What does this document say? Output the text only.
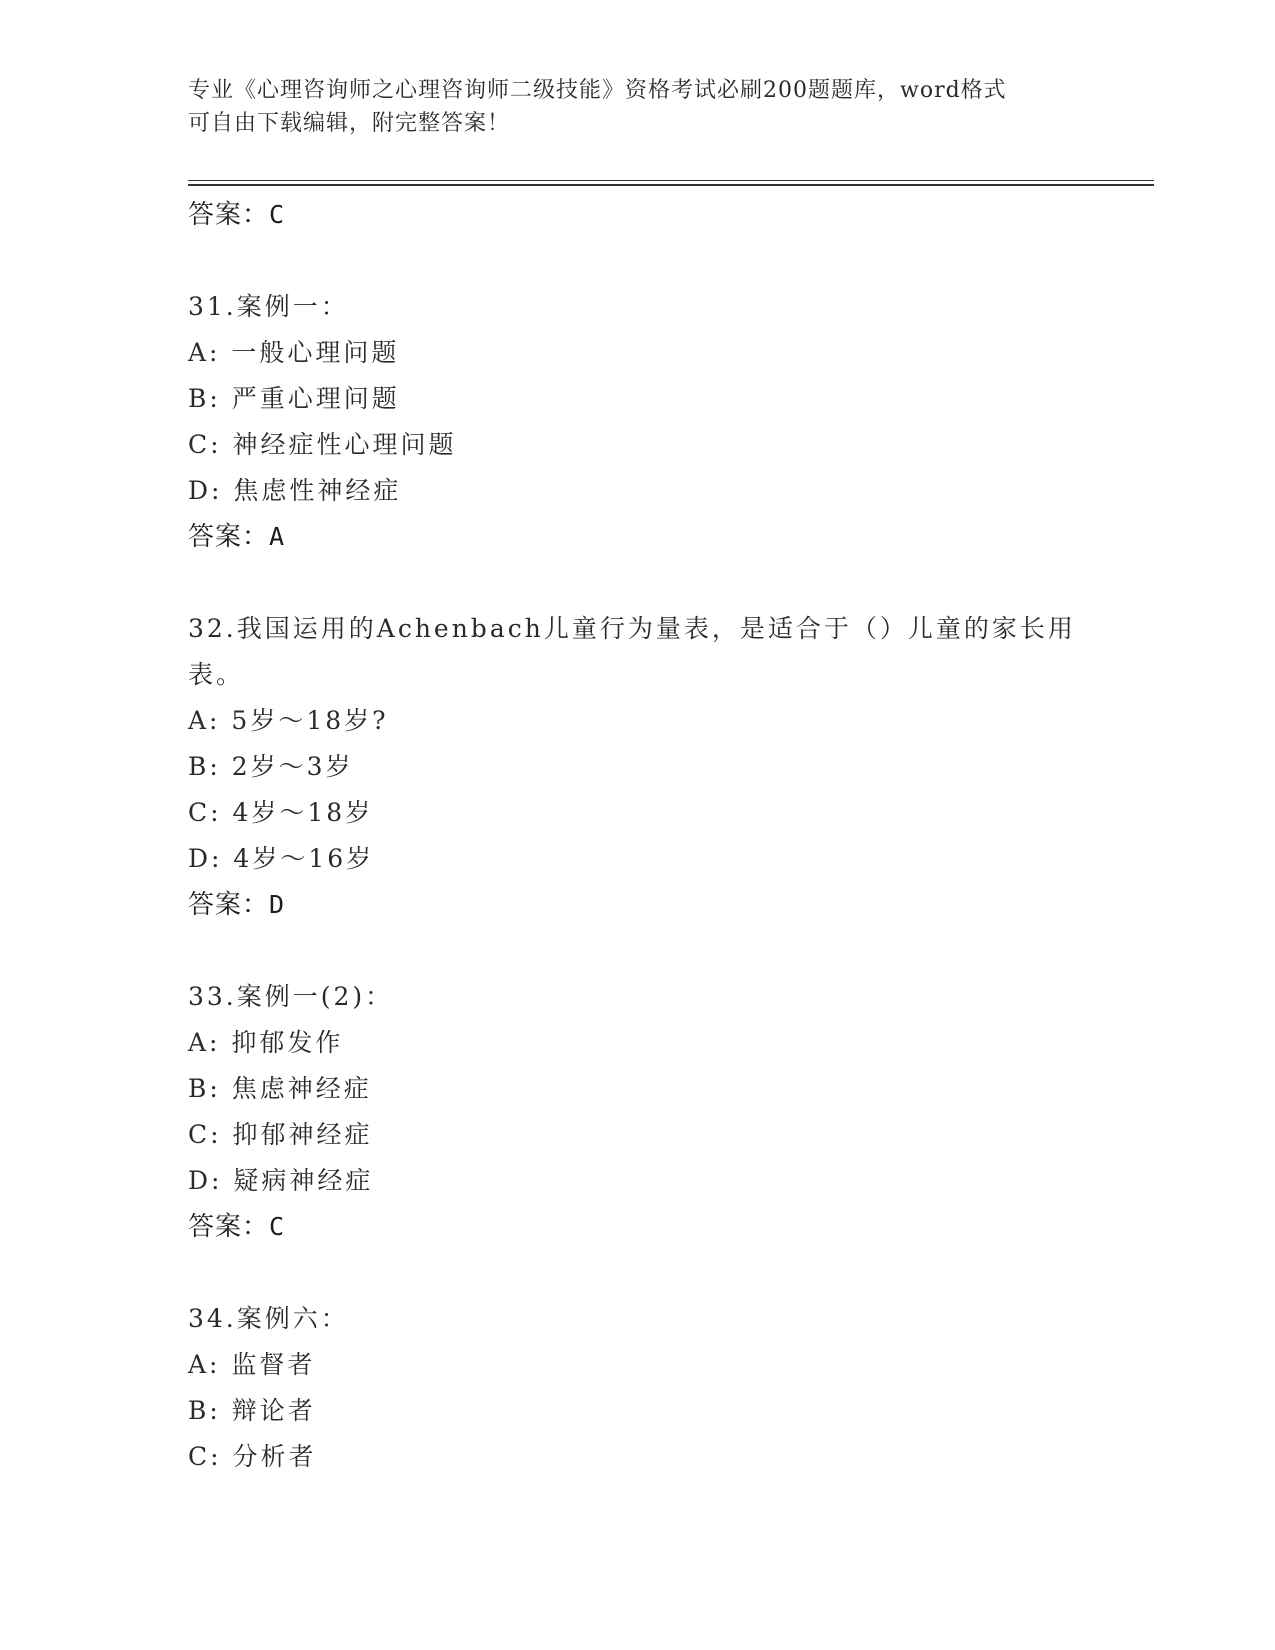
专业《心理咨询师之心理咨询师二级技能》资格考试必刷200题题库，word格式
可自由下载编辑，附完整答案！
答案：C
31.案例一：
A: 一般心理问题
B: 严重心理问题
C: 神经症性心理问题
D: 焦虑性神经症
答案：A
32.我国运用的Achenbach儿童行为量表，是适合于（）儿童的家长用表。
A: 5岁～18岁?
B: 2岁～3岁
C: 4岁～18岁
D: 4岁～16岁
答案：D
33.案例一(2)：
A: 抑郁发作
B: 焦虑神经症
C: 抑郁神经症
D: 疑病神经症
答案：C
34.案例六：
A: 监督者
B: 辩论者
C: 分析者
